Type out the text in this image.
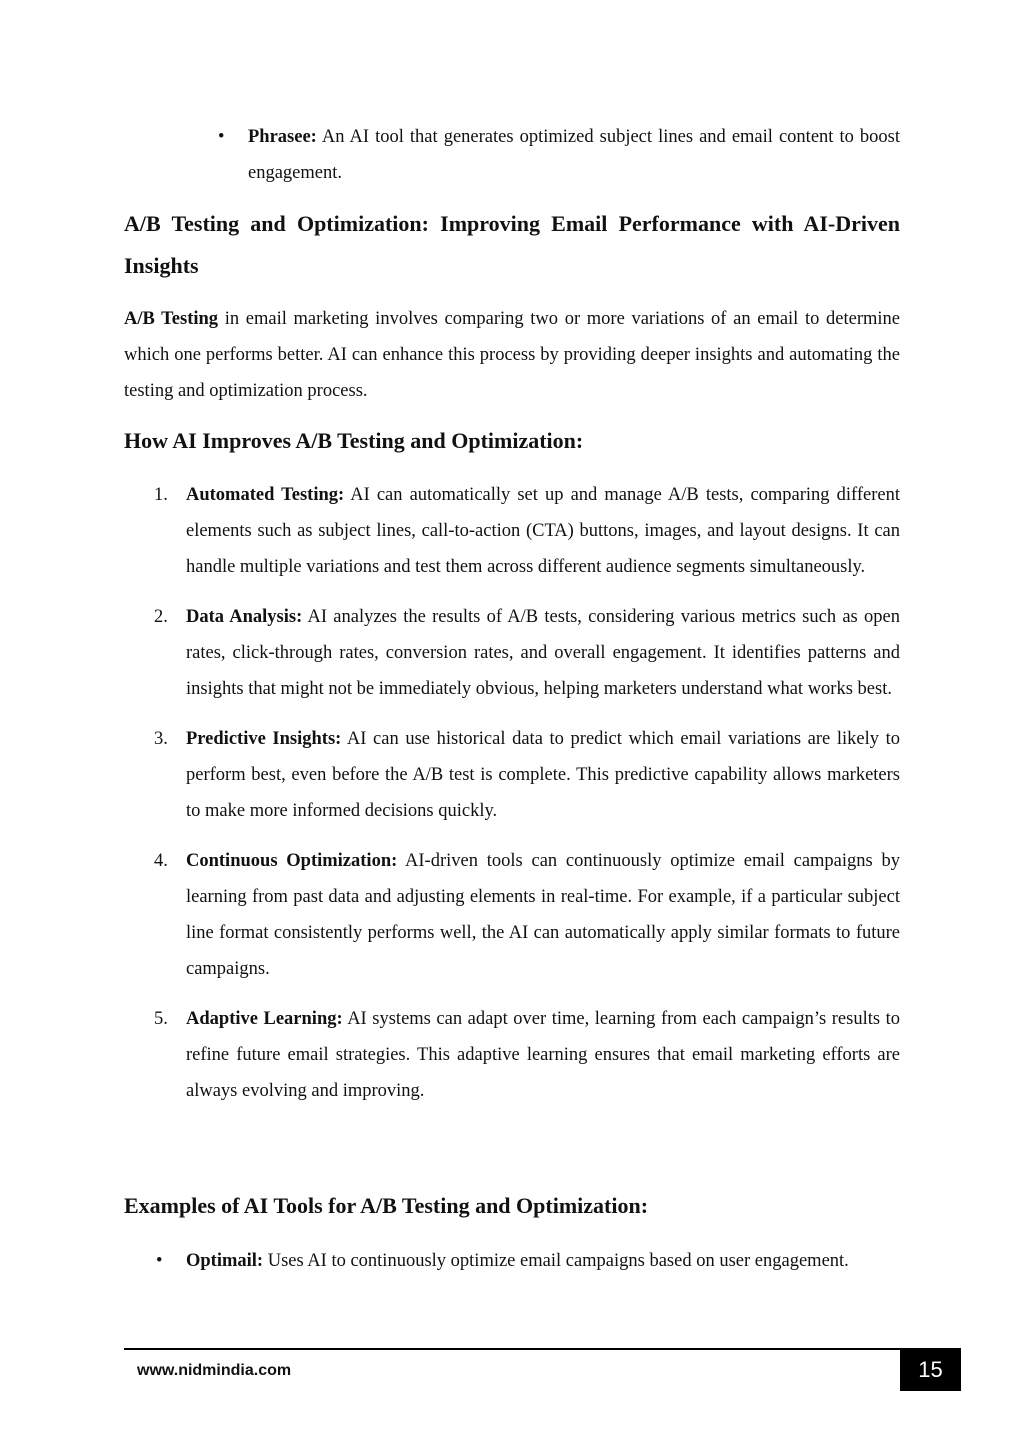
• Phrasee: An AI tool that generates optimized subject lines and email content to boost engagement.

A/B Testing and Optimization: Improving Email Performance with AI-Driven Insights

A/B Testing in email marketing involves comparing two or more variations of an email to determine which one performs better. AI can enhance this process by providing deeper insights and automating the testing and optimization process.

How AI Improves A/B Testing and Optimization:
1. Automated Testing: AI can automatically set up and manage A/B tests, comparing different elements such as subject lines, call-to-action (CTA) buttons, images, and layout designs. It can handle multiple variations and test them across different audience segments simultaneously.
2. Data Analysis: AI analyzes the results of A/B tests, considering various metrics such as open rates, click-through rates, conversion rates, and overall engagement. It identifies patterns and insights that might not be immediately obvious, helping marketers understand what works best.
3. Predictive Insights: AI can use historical data to predict which email variations are likely to perform best, even before the A/B test is complete. This predictive capability allows marketers to make more informed decisions quickly.
4. Continuous Optimization: AI-driven tools can continuously optimize email campaigns by learning from past data and adjusting elements in real-time. For example, if a particular subject line format consistently performs well, the AI can automatically apply similar formats to future campaigns.
5. Adaptive Learning: AI systems can adapt over time, learning from each campaign’s results to refine future email strategies. This adaptive learning ensures that email marketing efforts are always evolving and improving.
Examples of AI Tools for A/B Testing and Optimization:
• Optimail: Uses AI to continuously optimize email campaigns based on user engagement.

www.nidmindia.com	15
